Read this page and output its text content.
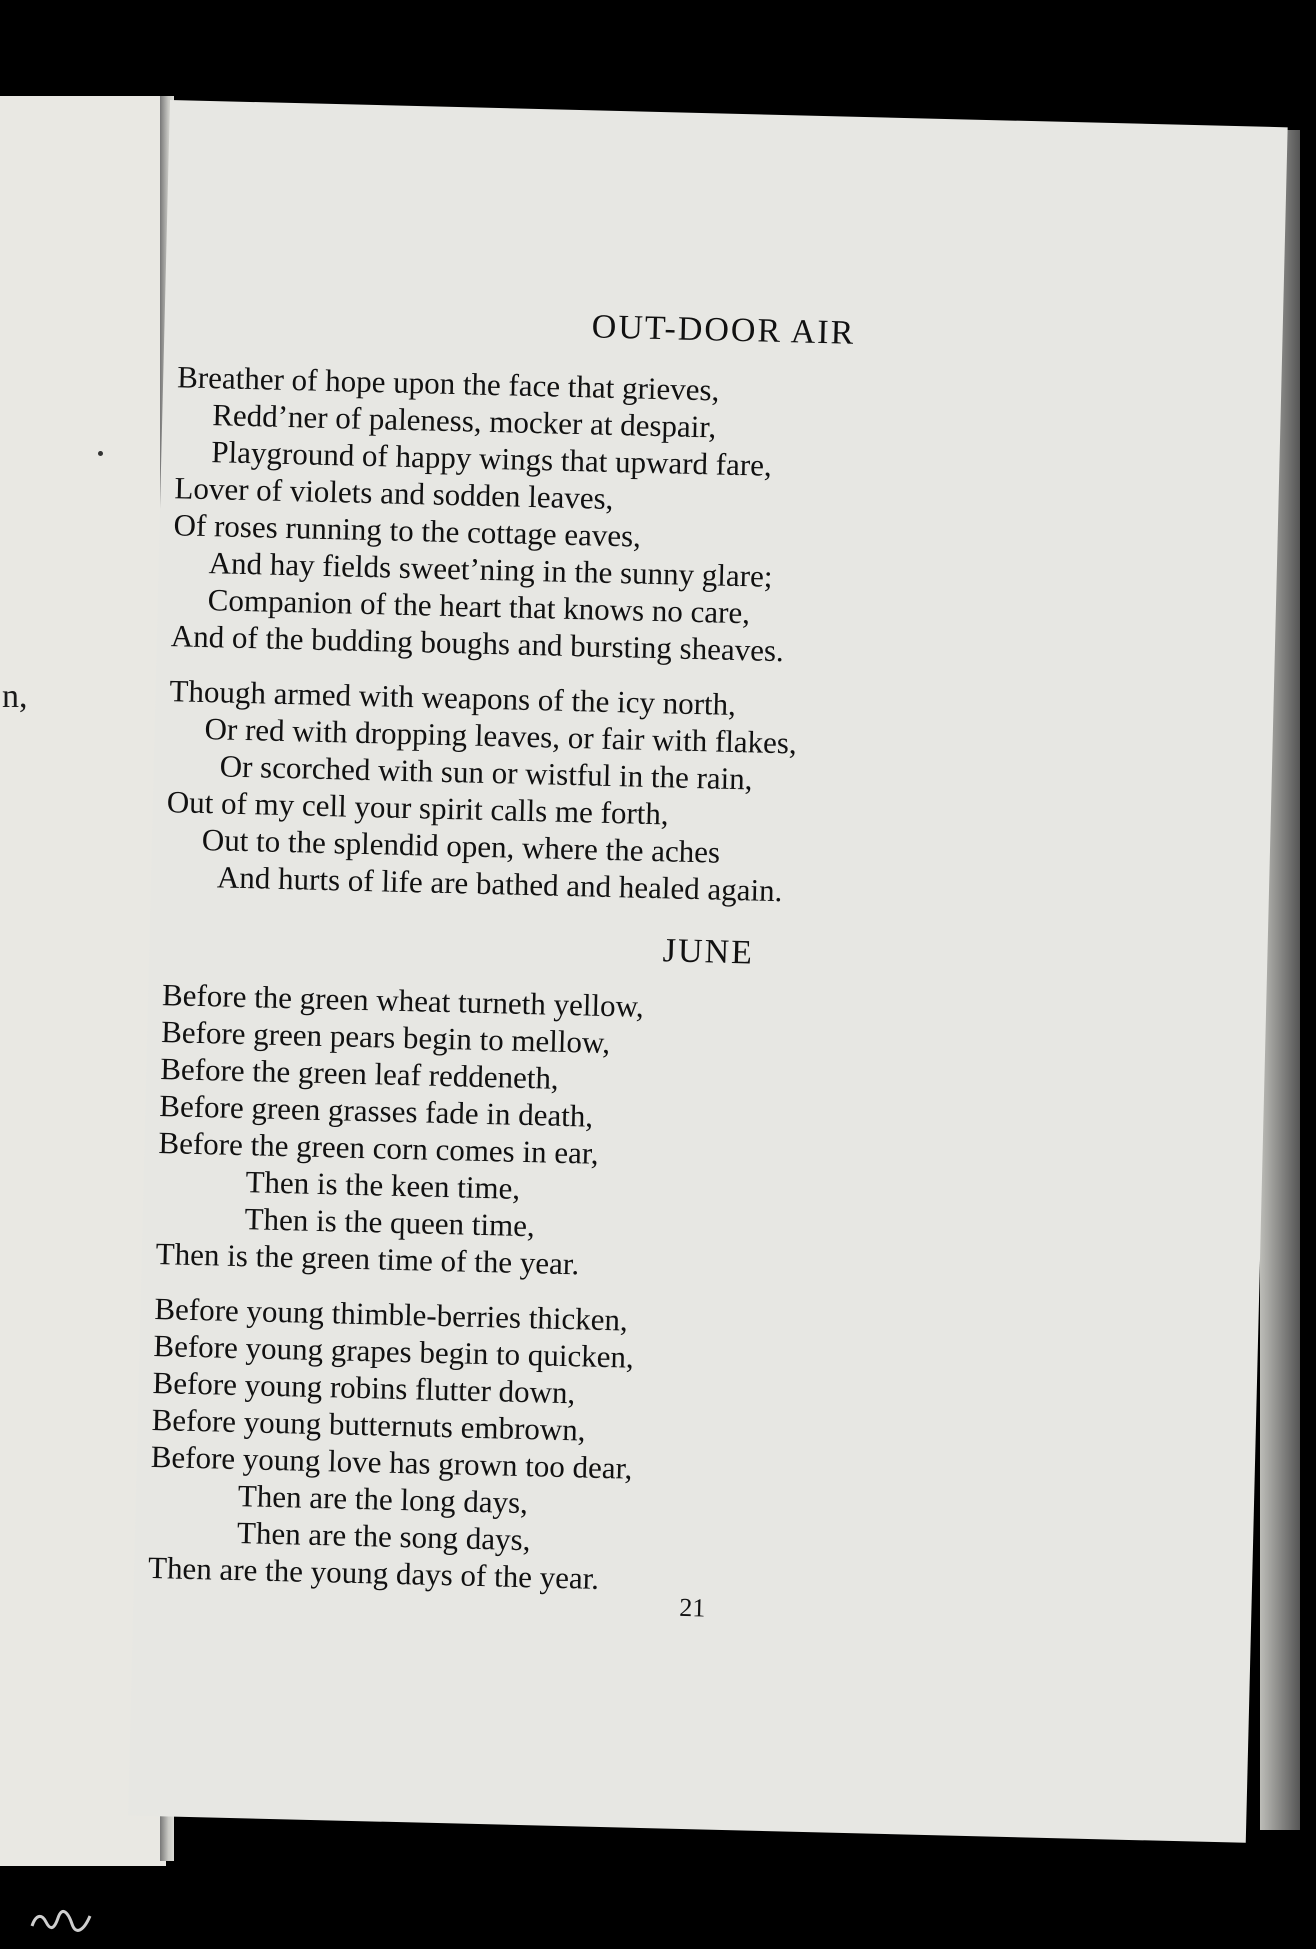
n,
OUT-DOOR AIR
Breather of hope upon the face that grieves,
Redd’ner of paleness, mocker at despair,
Playground of happy wings that upward fare,
Lover of violets and sodden leaves,
Of roses running to the cottage eaves,
And hay fields sweet’ning in the sunny glare;
Companion of the heart that knows no care,
And of the budding boughs and bursting sheaves.
Though armed with weapons of the icy north,
Or red with dropping leaves, or fair with flakes,
Or scorched with sun or wistful in the rain,
Out of my cell your spirit calls me forth,
Out to the splendid open, where the aches
And hurts of life are bathed and healed again.
JUNE
Before the green wheat turneth yellow,
Before green pears begin to mellow,
Before the green leaf reddeneth,
Before green grasses fade in death,
Before the green corn comes in ear,
Then is the keen time,
Then is the queen time,
Then is the green time of the year.
Before young thimble-berries thicken,
Before young grapes begin to quicken,
Before young robins flutter down,
Before young butternuts embrown,
Before young love has grown too dear,
Then are the long days,
Then are the song days,
Then are the young days of the year.
21
